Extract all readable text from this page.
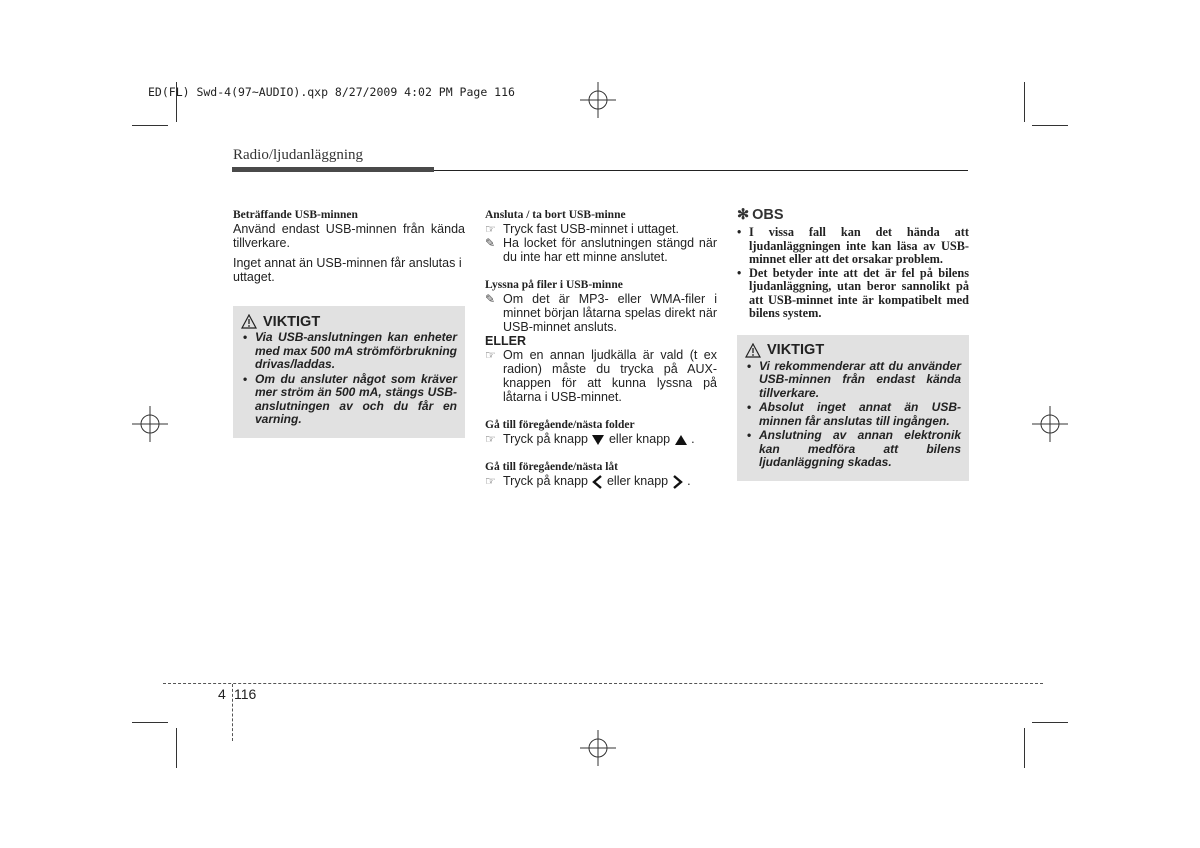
ED(FL) Swd-4(97~AUDIO).qxp 8/27/2009 4:02 PM Page 116
Radio/ljudanläggning

Beträffande USB-minnen

Använd endast USB-minnen från kända tillverkare.

Inget annat än USB-minnen får anslutas i uttaget.

VIKTIGT
• Via USB-anslutningen kan enheter med max 500 mA strömförbrukning drivas/laddas.
• Om du ansluter något som kräver mer ström än 500 mA, stängs USB-anslutningen av och du får en varning.

Ansluta / ta bort USB-minne

☞ Tryck fast USB-minnet i uttaget.
✎ Ha locket för anslutningen stängd när du inte har ett minne anslutet.

Lyssna på filer i USB-minne

✎ Om det är MP3- eller WMA-filer i minnet början låtarna spelas direkt när USB-minnet ansluts.

ELLER

☞ Om en annan ljudkälla är vald (t ex radion) måste du trycka på AUX-knappen för att kunna lyssna på låtarna i USB-minnet.

Gå till föregående/nästa folder

☞ Tryck på knapp eller knapp .

Gå till föregående/nästa låt

☞ Tryck på knapp eller knapp .
✻ OBS
• I vissa fall kan det hända att ljudanläggningen inte kan läsa av USB-minnet eller att det orsakar problem.
• Det betyder inte att det är fel på bilens ljudanläggning, utan beror sannolikt på att USB-minnet inte är kompatibelt med bilens system.
VIKTIGT
• Vi rekommenderar att du använder USB-minnen från endast kända tillverkare.
• Absolut inget annat än USB-minnen får anslutas till ingången.
• Anslutning av annan elektronik kan medföra att bilens ljudanläggning skadas.
4 116
